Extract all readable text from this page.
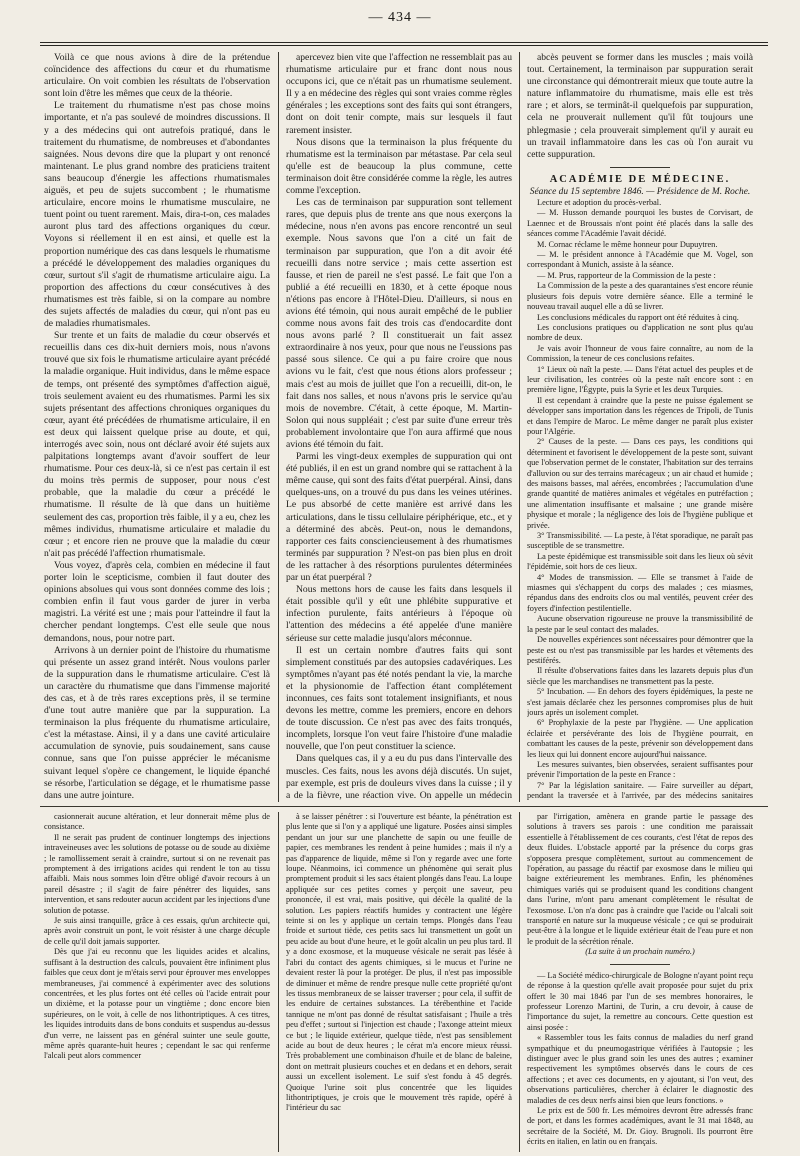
— 434 —

Voilà ce que nous avions à dire de la prétendue coïncidence des affections du cœur et du rhumatisme articulaire. On voit combien les résultats de l'observation sont loin d'être les mêmes que ceux de la théorie.

Le traitement du rhumatisme n'est pas chose moins importante, et n'a pas soulevé de moindres discussions. Il y a des médecins qui ont autrefois pratiqué, dans le traitement du rhumatisme, de nombreuses et d'abondantes saignées. Nous devons dire que la plupart y ont renoncé maintenant. Le plus grand nombre des praticiens traitent sans beaucoup d'énergie les affections rhumatismales aiguës, et peu de sujets succombent ; le rhumatisme articulaire, encore moins le rhumatisme musculaire, ne tuent point ou tuent rarement. Mais, dira-t-on, ces malades auront plus tard des affections organiques du cœur. Voyons si réellement il en est ainsi, et quelle est la proportion numérique des cas dans lesquels le rhumatisme a précédé le développement des maladies organiques du cœur, surtout s'il s'agit de rhumatisme articulaire aigu. La proportion des affections du cœur consécutives à des rhumatismes est très faible, si on la compare au nombre des sujets affectés de maladies du cœur, qui n'ont pas eu de maladies rhumatismales.

Sur trente et un faits de maladie du cœur observés et recueillis dans ces dix-huit derniers mois, nous n'avons trouvé que six fois le rhumatisme articulaire ayant précédé la maladie organique. Huit individus, dans le même espace de temps, ont présenté des symptômes d'affection aiguë, trois seulement avaient eu des rhumatismes. Parmi les six sujets présentant des affections chroniques organiques du cœur, ayant été précédées de rhumatisme articulaire, il en est deux qui laissent quelque prise au doute, et qui, interrogés avec soin, nous ont déclaré avoir été sujets aux palpitations longtemps avant d'avoir souffert de leur rhumatisme. Pour ces deux-là, si ce n'est pas certain il est du moins très permis de supposer, pour nous c'est probable, que la maladie du cœur a précédé le rhumatisme. Il résulte de là que dans un huitième seulement des cas, proportion très faible, il y a eu, chez les mêmes individus, rhumatisme articulaire et maladie du cœur ; et encore rien ne prouve que la maladie du cœur n'ait pas précédé l'affection rhumatismale.

Vous voyez, d'après cela, combien en médecine il faut porter loin le scepticisme, combien il faut douter des opinions absolues qui vous sont données comme des lois ; combien enfin il faut vous garder de jurer in verba magistri. La vérité est une ; mais pour l'atteindre il faut la chercher pendant longtemps. C'est elle seule que nous demandons, nous, pour notre part.

Arrivons à un dernier point de l'histoire du rhumatisme qui présente un assez grand intérêt. Nous voulons parler de la suppuration dans le rhumatisme articulaire. C'est là un caractère du rhumatisme que dans l'immense majorité des cas, et à de très rares exceptions près, il se termine d'une tout autre manière que par la suppuration. La terminaison la plus fréquente du rhumatisme articulaire, c'est la métastase. Ainsi, il y a dans une cavité articulaire accumulation de synovie, puis soudainement, sans cause connue, sans que l'on puisse apprécier le mécanisme suivant lequel s'opère ce changement, le liquide épanché se résorbe, l'articulation se dégage, et le rhumatisme passe dans une autre jointure.

apercevez bien vite que l'affection ne ressemblait pas au rhumatisme articulaire pur et franc dont nous nous occupons ici, que ce n'était pas un rhumatisme seulement. Il y a en médecine des règles qui sont vraies comme règles générales ; les exceptions sont des faits qui sont étrangers, dont on doit tenir compte, mais sur lesquels il faut rarement insister.

Nous disons que la terminaison la plus fréquente du rhumatisme est la terminaison par métastase. Par cela seul qu'elle est de beaucoup la plus commune, cette terminaison doit être considérée comme la règle, les autres comme l'exception.

Les cas de terminaison par suppuration sont tellement rares, que depuis plus de trente ans que nous exerçons la médecine, nous n'en avons pas encore rencontré un seul exemple. Nous savons que l'on a cité un fait de terminaison par suppuration, que l'on a dit avoir été recueilli dans notre service ; mais cette assertion est fausse, et rien de pareil ne s'est passé. Le fait que l'on a publié a été recueilli en 1830, et à cette époque nous n'étions pas encore à l'Hôtel-Dieu. D'ailleurs, si nous en avions été témoin, qui nous aurait empêché de le publier comme nous avons fait des trois cas d'endocardite dont nous avons parlé ? Il constituerait un fait assez extraordinaire à nos yeux, pour que nous ne l'eussions pas passé sous silence. Ce qui a pu faire croire que nous avions vu le fait, c'est que nous étions alors professeur ; mais c'est au mois de juillet que l'on a recueilli, dit-on, le fait dans nos salles, et nous n'avons pris le service qu'au mois de novembre. C'était, à cette époque, M. Martin-Solon qui nous suppléait ; c'est par suite d'une erreur très probablement involontaire que l'on aura affirmé que nous avions été témoin du fait.

Parmi les vingt-deux exemples de suppuration qui ont été publiés, il en est un grand nombre qui se rattachent à la même cause, qui sont des faits d'état puerpéral. Ainsi, dans quelques-uns, on a trouvé du pus dans les veines utérines. Le pus absorbé de cette manière est arrivé dans les articulations, dans le tissu cellulaire périphérique, etc., et y a déterminé des abcès. Peut-on, nous le demandons, rapporter ces faits consciencieusement à des rhumatismes terminés par suppuration ? N'est-on pas bien plus en droit de les rattacher à des résorptions purulentes déterminées par un état puerpéral ?

Nous mettons hors de cause les faits dans lesquels il était possible qu'il y eût une phlébite suppurative et infection purulente, faits antérieurs à l'époque où l'attention des médecins a été appelée d'une manière sérieuse sur cette maladie jusqu'alors méconnue.

Il est un certain nombre d'autres faits qui sont simplement constitués par des autopsies cadavériques. Les symptômes n'ayant pas été notés pendant la vie, la marche et la physionomie de l'affection étant complétement inconnues, ces faits sont totalement insignifiants, et nous devons les mettre, comme les premiers, encore en dehors de toute discussion. Ce n'est pas avec des faits tronqués, incomplets, lorsque l'on veut faire l'histoire d'une maladie nouvelle, que l'on peut constituer la science.

Dans quelques cas, il y a eu du pus dans l'intervalle des muscles. Ces faits, nous les avons déjà discutés. Un sujet, par exemple, est pris de douleurs vives dans la cuisse ; il y a de la fièvre, une réaction vive. On appelle un médecin

abcès peuvent se former dans les muscles ; mais voilà tout. Certainement, la terminaison par suppuration serait une circonstance qui démontrerait mieux que toute autre la nature inflammatoire du rhumatisme, mais elle est très rare ; et alors, se terminât-il quelquefois par suppuration, cela ne prouverait nullement qu'il fût toujours une phlegmasie ; cela prouverait simplement qu'il y aurait eu un travail inflammatoire dans les cas où l'on aurait vu cette suppuration.

ACADÉMIE DE MÉDECINE.

Séance du 15 septembre 1846. — Présidence de M. Roche.

Lecture et adoption du procès-verbal.

— M. Husson demande pourquoi les bustes de Corvisart, de Laennec et de Broussais n'ont point été placés dans la salle des séances comme l'Académie l'avait décidé.

M. Cornac réclame le même honneur pour Dupuytren.

— M. le président annonce à l'Académie que M. Vogel, son correspondant à Munich, assiste à la séance.

— M. Prus, rapporteur de la Commission de la peste :

La Commission de la peste a des quarantaines s'est encore réunie plusieurs fois depuis votre dernière séance. Elle a terminé le nouveau travail auquel elle a dû se livrer.

Les conclusions médicales du rapport ont été réduites à cinq.

Les conclusions pratiques ou d'application ne sont plus qu'au nombre de deux.

Je vais avoir l'honneur de vous faire connaître, au nom de la Commission, la teneur de ces conclusions refaites.

1° Lieux où naît la peste. — Dans l'état actuel des peuples et de leur civilisation, les contrées où la peste naît encore sont : en première ligne, l'Égypte, puis la Syrie et les deux Turquies.

Il est cependant à craindre que la peste ne puisse également se développer sans importation dans les régences de Tripoli, de Tunis et dans l'empire de Maroc. Le même danger ne paraît plus exister pour l'Algérie.

2° Causes de la peste. — Dans ces pays, les conditions qui déterminent et favorisent le développement de la peste sont, suivant que l'observation permet de le constater, l'habitation sur des terrains d'alluvion ou sur des terrains marécageux ; un air chaud et humide ; des maisons basses, mal aérées, encombrées ; l'accumulation d'une grande quantité de matières animales et végétales en putréfaction ; une alimentation insuffisante et malsaine ; une grande misère physique et morale ; la négligence des lois de l'hygiène publique et privée.

3° Transmissibilité. — La peste, à l'état sporadique, ne paraît pas susceptible de se transmettre.

La peste épidémique est transmissible soit dans les lieux où sévit l'épidémie, soit hors de ces lieux.

4° Modes de transmission. — Elle se transmet à l'aide de miasmes qui s'échappent du corps des malades ; ces miasmes, répandus dans des endroits clos ou mal ventilés, peuvent créer des foyers d'infection pestilentielle.

Aucune observation rigoureuse ne prouve la transmissibilité de la peste par le seul contact des malades.

De nouvelles expériences sont nécessaires pour démontrer que la peste est ou n'est pas transmissible par les hardes et vêtements des pestiférés.

Il résulte d'observations faites dans les lazarets depuis plus d'un siècle que les marchandises ne transmettent pas la peste.

5° Incubation. — En dehors des foyers épidémiques, la peste ne s'est jamais déclarée chez les personnes compromises plus de huit jours après un isolement complet.

6° Prophylaxie de la peste par l'hygiène. — Une application éclairée et persévérante des lois de l'hygiène pourrait, en combattant les causes de la peste, prévenir son développement dans les lieux qui lui donnent encore aujourd'hui naissance.

Les mesures suivantes, bien observées, seraient suffisantes pour prévenir l'importation de la peste en France :

7° Par la législation sanitaire. — Faire surveiller au départ, pendant la traversée et à l'arrivée, par des médecins sanitaires

casionnerait aucune altération, et leur donnerait même plus de consistance.

Il ne serait pas prudent de continuer longtemps des injections intraveineuses avec les solutions de potasse ou de soude au dixième ; le ramollissement serait à craindre, surtout si on ne revenait pas promptement à des irrigations acides qui rendent le ton au tissu affaibli. Mais nous sommes loin d'être obligé d'avoir recours à un pareil désastre ; il s'agit de faire pénétrer des liquides, sans intervention, et sans redouter aucun accident par les injections d'une solution de potasse.

Je suis ainsi tranquille, grâce à ces essais, qu'un architecte qui, après avoir construit un pont, le voit résister à une charge décuple de celle qu'il doit jamais supporter.

Dès que j'ai eu reconnu que les liquides acides et alcalins, suffisant à la destruction des calculs, pouvaient être infiniment plus faibles que ceux dont je m'étais servi pour éprouver mes enveloppes membraneuses, j'ai commencé à expérimenter avec des solutions concentrées, et les plus fortes ont été celles où l'acide entrait pour un dixième, et la potasse pour un vingtième ; donc encore bien supérieures, on le voit, à celle de nos lithontriptiques. A ces titres, les liquides introduits dans de bons conduits et suspendus au-dessus d'un verre, ne laissent pas en général suinter une seule goutte, même après quarante-huit heures ; cependant le sac qui renferme l'alcali peut alors commencer

à se laisser pénétrer : si l'ouverture est béante, la pénétration est plus lente que si l'on y a appliqué une ligature. Posées ainsi simples pendant un jour sur une planchette de sapin ou une feuille de papier, ces membranes les rendent à peine humides ; mais il n'y a pas d'apparence de liquide, même si l'on y regarde avec une forte loupe. Néanmoins, ici commence un phénomène qui serait plus promptement produit si les sacs étaient plongés dans l'eau. La loupe appliquée sur ces petites cornes y perçoit une saveur, peu prononcée, il est vrai, mais positive, qui décèle la qualité de la solution. Les papiers réactifs humides y contractent une légère teinte si on les y applique un certain temps. Plongés dans l'eau froide et surtout tiède, ces petits sacs lui transmettent un goût un peu acide au bout d'une heure, et le goût alcalin un peu plus tard. Il y a donc exosmose, et la muqueuse vésicale ne serait pas lésée à l'abri du contact des agents chimiques, si le mucus et l'urine ne devaient rester là pour la protéger. De plus, il n'est pas impossible de diminuer et même de rendre presque nulle cette propriété qu'ont les tissus membraneux de se laisser traverser ; pour cela, il suffit de les enduire de certaines substances. La térébenthine et l'acide tannique ne m'ont pas donné de résultat satisfaisant ; l'huile a très peu d'effet ; surtout si l'injection est chaude ; l'axonge atteint mieux ce but ; le liquide extérieur, quelque tiède, n'est pas sensiblement acide au bout de deux heures ; le cérat m'a encore mieux réussi. Très probablement une combinaison d'huile et de blanc de baleine, dont on mettrait plusieurs couches et en dedans et en dehors, serait aussi un excellent isolement. Le suif s'est fondu à 45 degrés. Quoique l'urine soit plus concentrée que les liquides lithontriptiques, je crois que le mouvement très rapide, opéré à l'intérieur du sac

par l'irrigation, amènera en grande partie le passage des solutions à travers ses parois : une condition me paraissait essentielle à l'établissement de ces courants, c'est l'état de repos des deux fluides. L'obstacle apporté par la présence du corps gras s'opposera presque complètement, surtout au commencement de l'opération, au passage du réactif par exosmose dans le milieu qui baigne extérieurement les membranes. Enfin, les phénomènes chimiques variés qui se produisent quand les conditions changent dans l'urine, m'ont paru amenant complètement le résultat de l'exosmose. L'on n'a donc pas à craindre que l'acide ou l'alcali soit transporté en nature sur la muqueuse vésicale ; ce qui se produirait peut-être à la longue et le liquide extérieur était de l'eau pure et non le produit de la sécrétion rénale.

(La suite à un prochain numéro.)

— La Société médico-chirurgicale de Bologne n'ayant point reçu de réponse à la question qu'elle avait proposée pour sujet du prix offert le 30 mai 1846 par l'un de ses membres honoraires, le professeur Lorenzo Martini, de Turin, a cru devoir, à cause de l'importance du sujet, la remettre au concours. Cette question est ainsi posée :

« Rassembler tous les faits connus de maladies du nerf grand sympathique et du pneumogastrique vérifiées à l'autopsie ; les distinguer avec le plus grand soin les unes des autres ; examiner respectivement les symptômes observés dans le cours de ces affections ; et avec ces documents, en y ajoutant, si l'on veut, des observations particulières, chercher à éclairer le diagnostic des maladies de ces deux nerfs ainsi bien que leurs fonctions. »

Le prix est de 500 fr. Les mémoires devront être adressés franc de port, et dans les formes académiques, avant le 31 mai 1848, au secrétaire de la Société, M. Dr. Gioy. Brugnoli. Ils pourront être écrits en italien, en latin ou en français.
